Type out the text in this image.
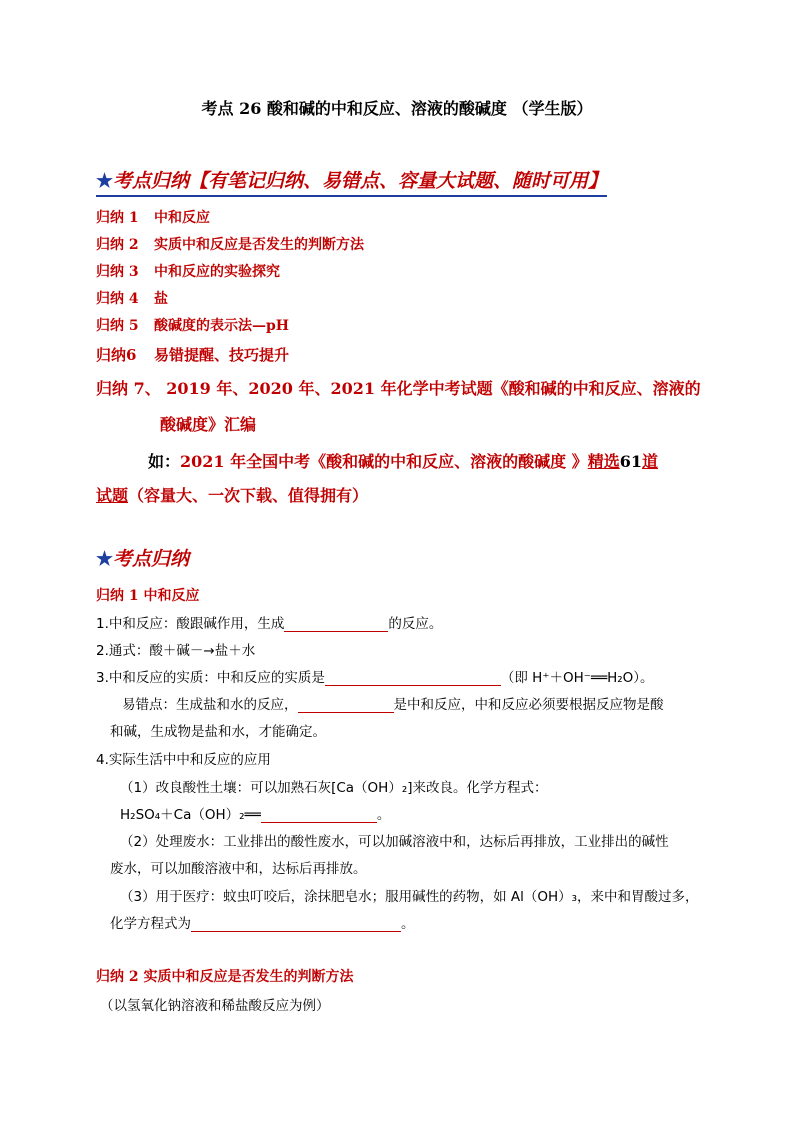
考点 26 酸和碱的中和反应、溶液的酸碱度 （学生版）
★考点归纳【有笔记归纳、易错点、容量大试题、随时可用】
归纳 1 中和反应
归纳 2 实质中和反应是否发生的判断方法
归纳 3 中和反应的实验探究
归纳 4 盐
归纳 5 酸碱度的表示法—pH
归纳6 易错提醒、技巧提升
归纳 7、 2019 年、2020 年、2021 年化学中考试题《酸和碱的中和反应、溶液的
酸碱度》汇编
如：2021 年全国中考《酸和碱的中和反应、溶液的酸碱度 》精选61道
试题（容量大、一次下载、值得拥有）
★考点归纳
归纳 1 中和反应
1.中和反应：酸跟碱作用，生成	的反应。
2.通式：酸＋碱－→盐＋水
3.中和反应的实质：中和反应的实质是	（即 H⁺＋OH⁻══H₂O）。
易错点：生成盐和水的反应，	是中和反应，中和反应必须要根据反应物是酸
和碱，生成物是盐和水，才能确定。
4.实际生活中中和反应的应用
（1）改良酸性土壤：可以加熟石灰[Ca（OH）₂]来改良。化学方程式：
H₂SO₄＋Ca（OH）₂══	。
（2）处理废水：工业排出的酸性废水，可以加碱溶液中和，达标后再排放，工业排出的碱性
废水，可以加酸溶液中和，达标后再排放。
（3）用于医疗：蚊虫叮咬后，涂抹肥皂水；服用碱性的药物，如 Al（OH）₃，来中和胃酸过多，
化学方程式为	。
归纳 2 实质中和反应是否发生的判断方法
（以氢氧化钠溶液和稀盐酸反应为例）
